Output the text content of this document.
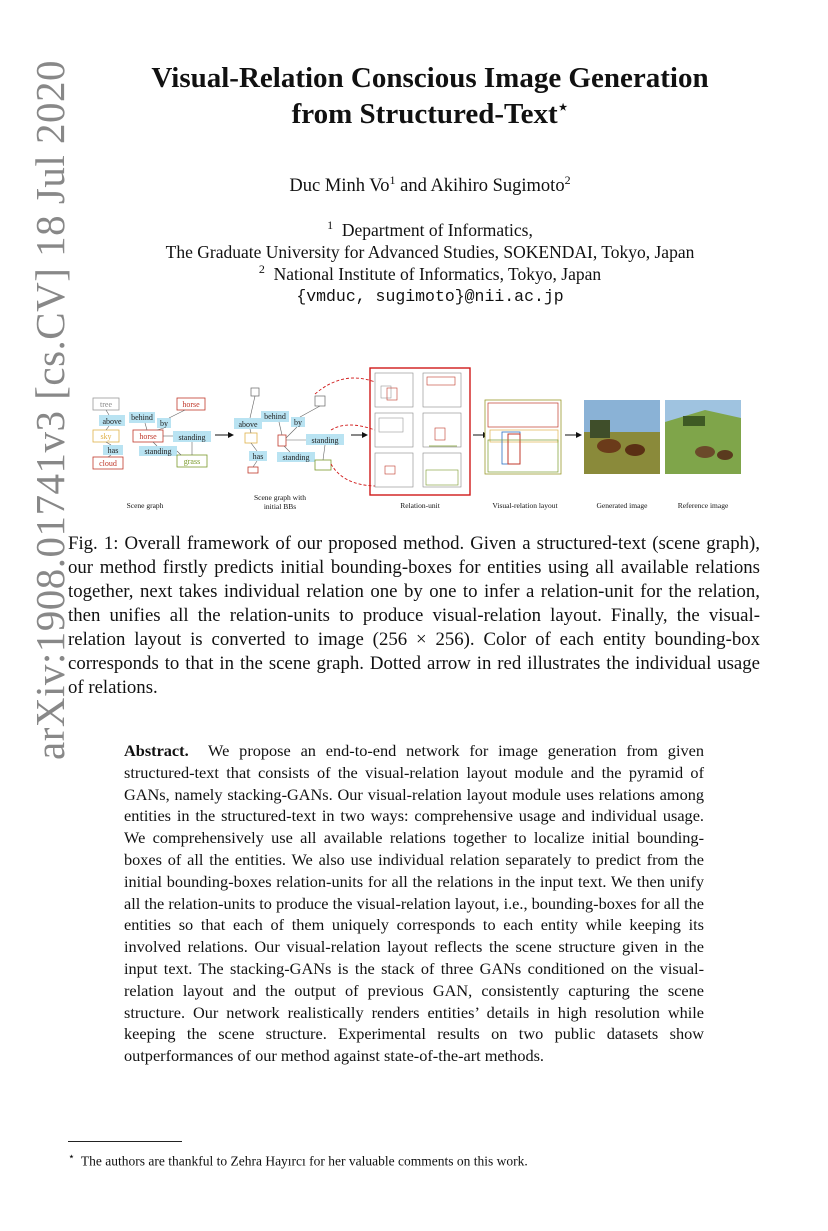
arXiv:1908.01741v3 [cs.CV] 18 Jul 2020	Visual-Relation Conscious Image Generation
from Structured-Text⋆
Duc Minh Vo$^1$ and Akihiro Sugimoto$^2$
$^1$ Department of Informatics,
The Graduate University for Advanced Studies, SOKENDAI, Tokyo, Japan
$^2$ National Institute of Informatics, Tokyo, Japan
{vmduc, sugimoto}@nii.ac.jp
tree	horse
above behind
by
sky	horse	standing
has	standing
cloud	grass
Scene graph
above
behind
by
standing
has standing
Scene graph with
initial BBs	Relation-unit	Visual-relation layout	Generated image	Reference image

Fig. 1: Overall framework of our proposed method. Given a structured-text (scene graph), our method firstly predicts initial bounding-boxes for entities using all available relations together, next takes individual relation one by one to infer a relation-unit for the relation, then unifies all the relation-units to produce visual-relation layout. Finally, the visual-relation layout is converted to image (256 × 256). Color of each entity bounding-box corresponds to that in the scene graph. Dotted arrow in red illustrates the individual usage of relations.

Abstract. We propose an end-to-end network for image generation from given structured-text that consists of the visual-relation layout module and the pyramid of GANs, namely stacking-GANs. Our visual-relation layout module uses relations among entities in the structured-text in two ways: comprehensive usage and individual usage. We comprehensively use all available relations together to localize initial bounding-boxes of all the entities. We also use individual relation separately to predict from the initial bounding-boxes relation-units for all the relations in the input text. We then unify all the relation-units to produce the visual-relation layout, i.e., bounding-boxes for all the entities so that each of them uniquely corresponds to each entity while keeping its involved relations. Our visual-relation layout reflects the scene structure given in the input text. The stacking-GANs is the stack of three GANs conditioned on the visual-relation layout and the output of previous GAN, consistently capturing the scene structure. Our network realistically renders entities’ details in high resolution while keeping the scene structure. Experimental results on two public datasets show outperformances of our method against state-of-the-art methods.

⋆ The authors are thankful to Zehra Hayırcı for her valuable comments on this work.
